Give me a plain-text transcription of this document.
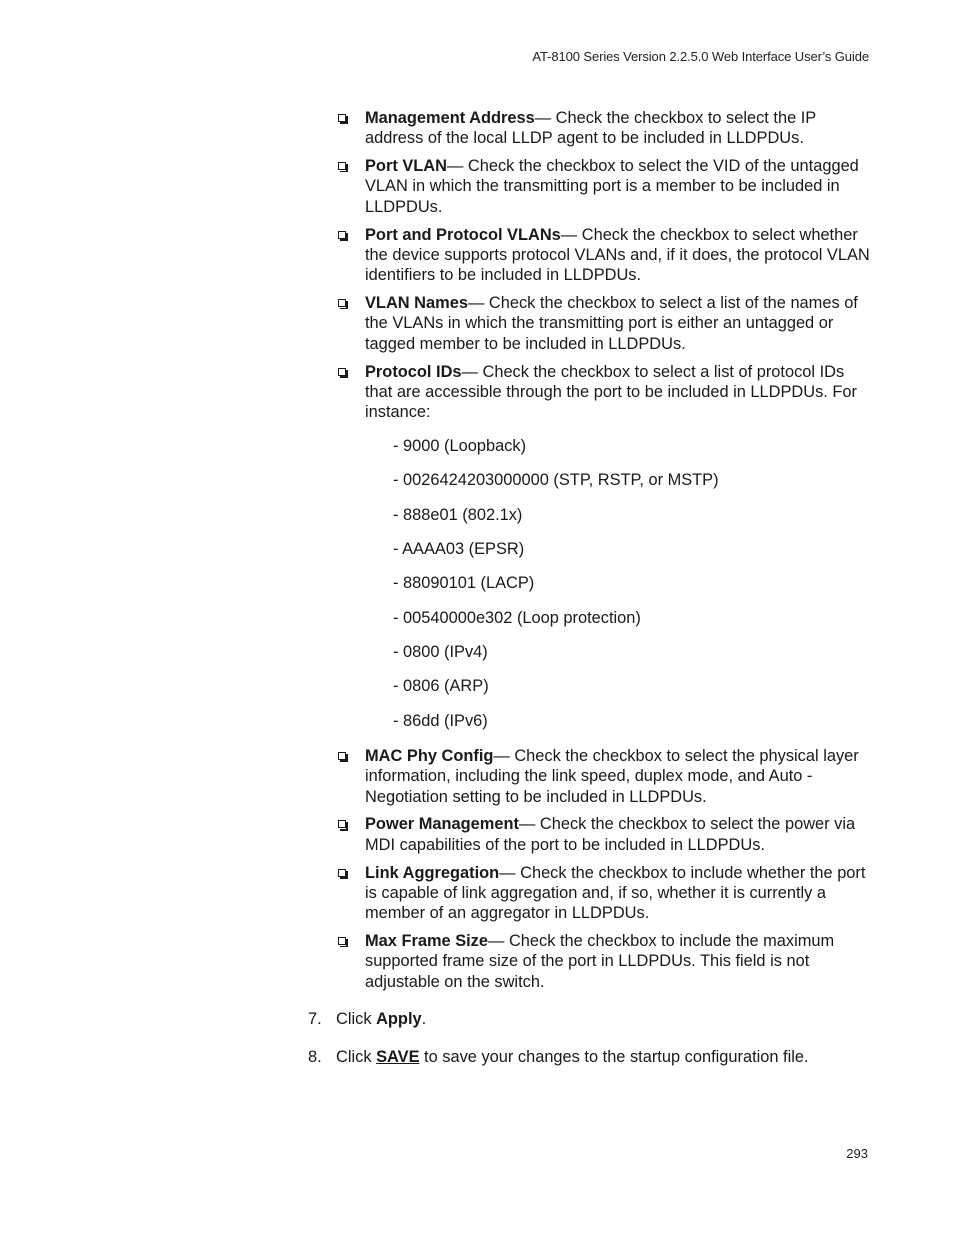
AT-8100 Series Version 2.2.5.0 Web Interface User’s Guide
Management Address— Check the checkbox to select the IP address of the local LLDP agent to be included in LLDPDUs.
Port VLAN— Check the checkbox to select the VID of the untagged VLAN in which the transmitting port is a member to be included in LLDPDUs.
Port and Protocol VLANs— Check the checkbox to select whether the device supports protocol VLANs and, if it does, the protocol VLAN identifiers to be included in LLDPDUs.
VLAN Names— Check the checkbox to select a list of the names of the VLANs in which the transmitting port is either an untagged or tagged member to be included in LLDPDUs.
Protocol IDs— Check the checkbox to select a list of protocol IDs that are accessible through the port to be included in LLDPDUs. For instance:
- 9000 (Loopback)
- 0026424203000000 (STP, RSTP, or MSTP)
- 888e01 (802.1x)
- AAAA03 (EPSR)
- 88090101 (LACP)
- 00540000e302 (Loop protection)
- 0800 (IPv4)
- 0806 (ARP)
- 86dd (IPv6)
MAC Phy Config— Check the checkbox to select the physical layer information, including the link speed, duplex mode, and Auto -Negotiation setting to be included in LLDPDUs.
Power Management— Check the checkbox to select the power via MDI capabilities of the port to be included in LLDPDUs.
Link Aggregation— Check the checkbox to include whether the port is capable of link aggregation and, if so, whether it is currently a member of an aggregator in LLDPDUs.
Max Frame Size— Check the checkbox to include the maximum supported frame size of the port in LLDPDUs. This field is not adjustable on the switch.
7. Click Apply.
8. Click SAVE to save your changes to the startup configuration file.
293
